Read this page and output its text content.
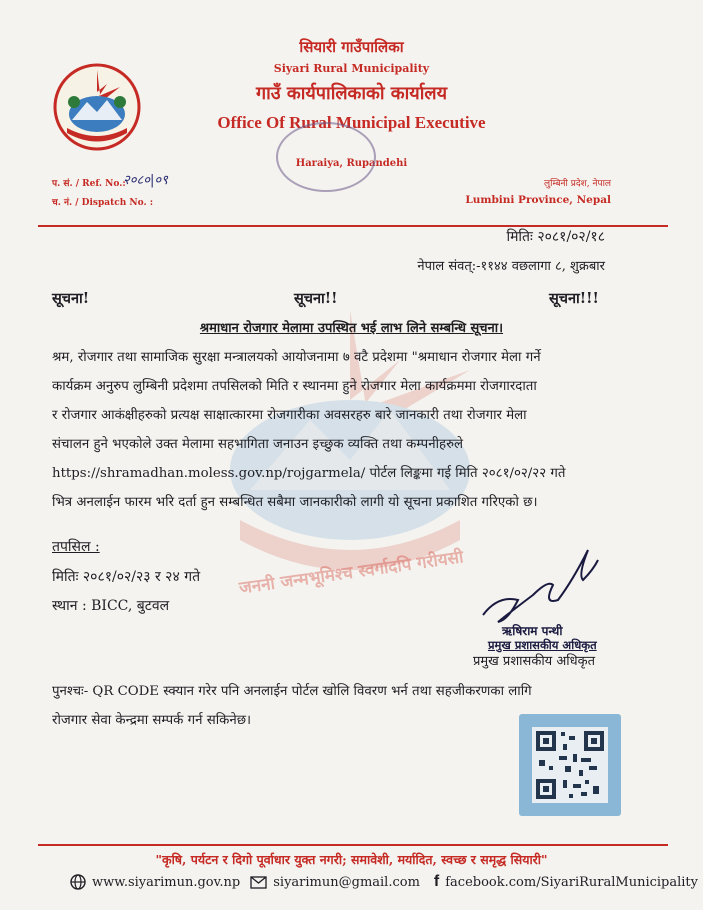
जननी जन्मभूमिश्च स्वर्गादपि गरीयसी
सियारी गाउँपालिका
Siyari Rural Municipality
गाउँ कार्यपालिकाको कार्यालय
Office Of Rural Municipal Executive
Haraiya, Rupandehi
प. सं. / Ref. No.:
२०८०|०९
च. नं. / Dispatch No. :
लुम्बिनी प्रदेश, नेपाल
Lumbini Province, Nepal
मितिः २०८१/०२/१८
नेपाल संवत्:-११४४ वछलागा ८, शुक्रबार
सूचना!	सूचना!!	सूचना!!!
श्रमाधान रोजगार मेलामा उपस्थित भई लाभ लिने सम्बन्धि सूचना।
श्रम, रोजगार तथा सामाजिक सुरक्षा मन्त्रालयको आयोजनामा ७ वटै प्रदेशमा "श्रमाधान रोजगार मेला गर्ने
कार्यक्रम अनुरुप लुम्बिनी प्रदेशमा तपसिलको मिति र स्थानमा हुने रोजगार मेला कार्यक्रममा रोजगारदाता
र रोजगार आकंक्षीहरुको प्रत्यक्ष साक्षात्कारमा रोजगारीका अवसरहरु बारे जानकारी तथा रोजगार मेला
संचालन हुने भएकोले उक्त मेलामा सहभागिता जनाउन इच्छुक व्यक्ति तथा कम्पनीहरुले
https://shramadhan.moless.gov.np/rojgarmela/ पोर्टल लिङ्कमा गई मिति २०८१/०२/२२ गते
भित्र अनलाईन फारम भरि दर्ता हुन सम्बन्धित सबैमा जानकारीको लागी यो सूचना प्रकाशित गरिएको छ।
तपसिल :
मितिः २०८१/०२/२३ र २४ गते
स्थान : BICC, बुटवल
ऋषिराम पन्थी
प्रमुख प्रशासकीय अधिकृत
प्रमुख प्रशासकीय अधिकृत
पुनश्चः- QR CODE स्क्यान गरेर पनि अनलाईन पोर्टल खोलि विवरण भर्न तथा सहजीकरणका लागि
रोजगार सेवा केन्द्रमा सम्पर्क गर्न सकिनेछ।
"कृषि, पर्यटन र दिगो पूर्वाधार युक्त नगरी; समावेशी, मर्यादित, स्वच्छ र समृद्ध सियारी"
www.siyarimun.gov.np	siyarimun@gmail.com f facebook.com/SiyariRuralMunicipality
